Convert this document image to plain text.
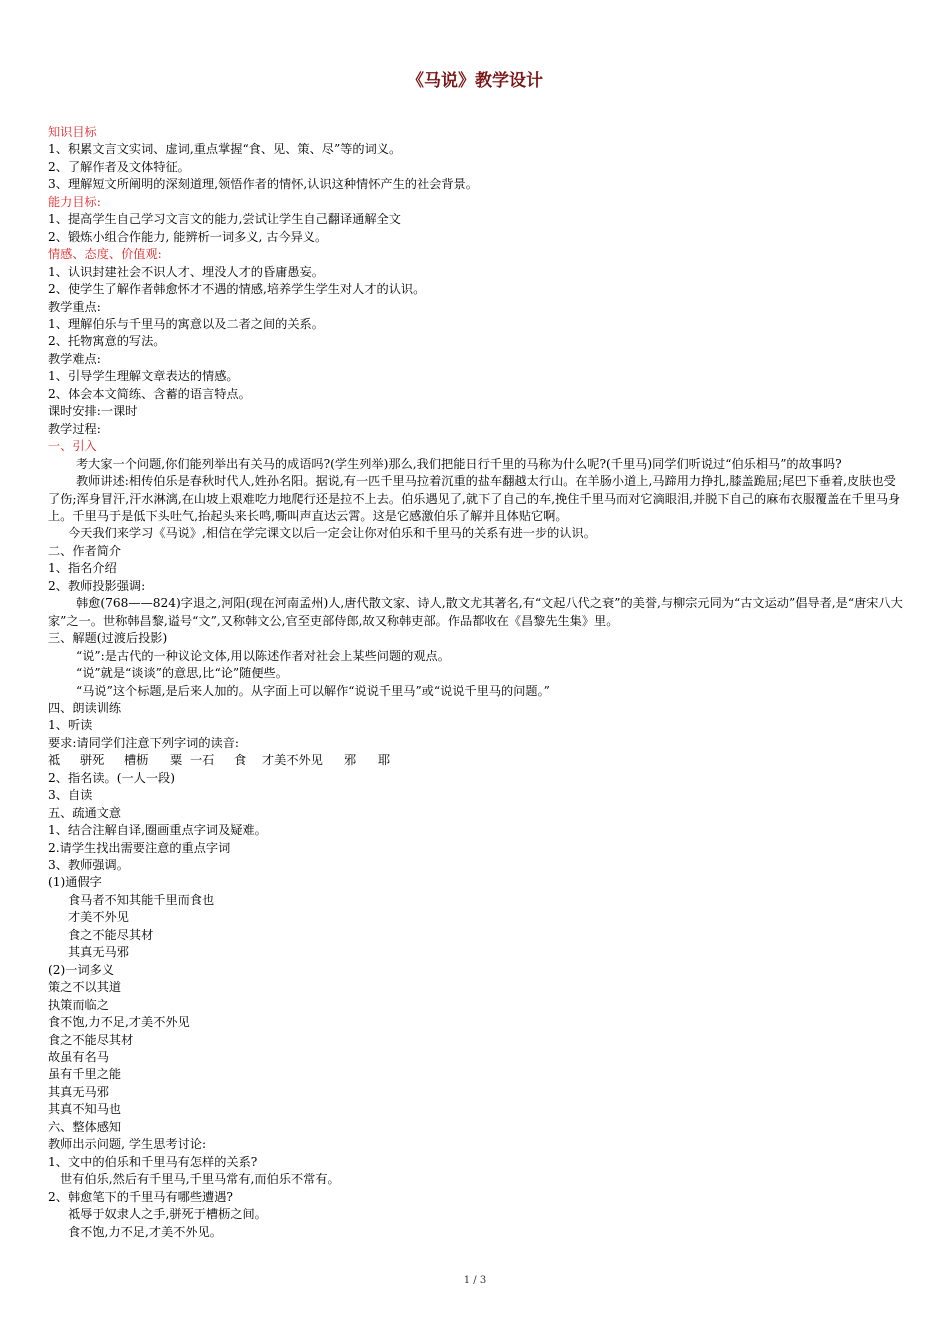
《马说》教学设计
知识目标
1、积累文言文实词、虚词,重点掌握“食、见、策、尽”等的词义。
2、了解作者及文体特征。
3、理解短文所阐明的深刻道理,领悟作者的情怀,认识这种情怀产生的社会背景。
能力目标:
1、提高学生自己学习文言文的能力,尝试让学生自己翻译通解全文
2、锻炼小组合作能力, 能辨析一词多义, 古今异义。
情感、态度、价值观:
1、认识封建社会不识人才、埋没人才的昏庸愚妄。
2、使学生了解作者韩愈怀才不遇的情感,培养学生学生对人才的认识。
教学重点:
1、理解伯乐与千里马的寓意以及二者之间的关系。
2、托物寓意的写法。
教学难点:
1、引导学生理解文章表达的情感。
2、体会本文简练、含蓄的语言特点。
课时安排:一课时
教学过程:
一、引入
考大家一个问题,你们能列举出有关马的成语吗?(学生列举)那么,我们把能日行千里的马称为什么呢?(千里马)同学们听说过“伯乐相马”的故事吗?
教师讲述:相传伯乐是春秋时代人,姓孙名阳。据说,有一匹千里马拉着沉重的盐车翻越太行山。在羊肠小道上,马蹄用力挣扎,膝盖跪屈;尾巴下垂着,皮肤也受了伤;浑身冒汗,汗水淋漓,在山坡上艰难吃力地爬行还是拉不上去。伯乐遇见了,就下了自己的车,挽住千里马而对它滴眼泪,并脱下自己的麻布衣服覆盖在千里马身上。千里马于是低下头吐气,抬起头来长鸣,嘶叫声直达云霄。这是它感激伯乐了解并且体贴它啊。
今天我们来学习《马说》,相信在学完课文以后一定会让你对伯乐和千里马的关系有进一步的认识。
二、作者简介
1、指名介绍
2、教师投影强调:
韩愈(768——824)字退之,河阳(现在河南孟州)人,唐代散文家、诗人,散文尤其著名,有“文起八代之衰”的美誉,与柳宗元同为“古文运动”倡导者,是“唐宋八大家”之一。世称韩昌黎,谥号“文”,又称韩文公,官至吏部侍郎,故又称韩吏部。作品都收在《昌黎先生集》里。
三、解题(过渡后投影)
“说”:是古代的一种议论文体,用以陈述作者对社会上某些问题的观点。
“说”就是“谈谈”的意思,比“论”随便些。
“马说”这个标题,是后来人加的。从字面上可以解作“说说千里马”或“说说千里马的问题。”
四、朗读训练
1、听读
要求:请同学们注意下列字词的读音:
祗	骈死	槽枥	粟 一石	食	才美不外见	邪	耶
2、指名读。(一人一段)
3、自读
五、疏通文意
1、结合注解自译,圈画重点字词及疑难。
2.请学生找出需要注意的重点字词
3、教师强调。
(1)通假字
食马者不知其能千里而食也
才美不外见
食之不能尽其材
其真无马邪
(2)一词多义
策之不以其道
执策而临之
食不饱,力不足,才美不外见
食之不能尽其材
故虽有名马
虽有千里之能
其真无马邪
其真不知马也
六、整体感知
教师出示问题, 学生思考讨论:
1、文中的伯乐和千里马有怎样的关系?
世有伯乐,然后有千里马,千里马常有,而伯乐不常有。
2、韩愈笔下的千里马有哪些遭遇?
祗辱于奴隶人之手,骈死于槽枥之间。
食不饱,力不足,才美不外见。
1 / 3
